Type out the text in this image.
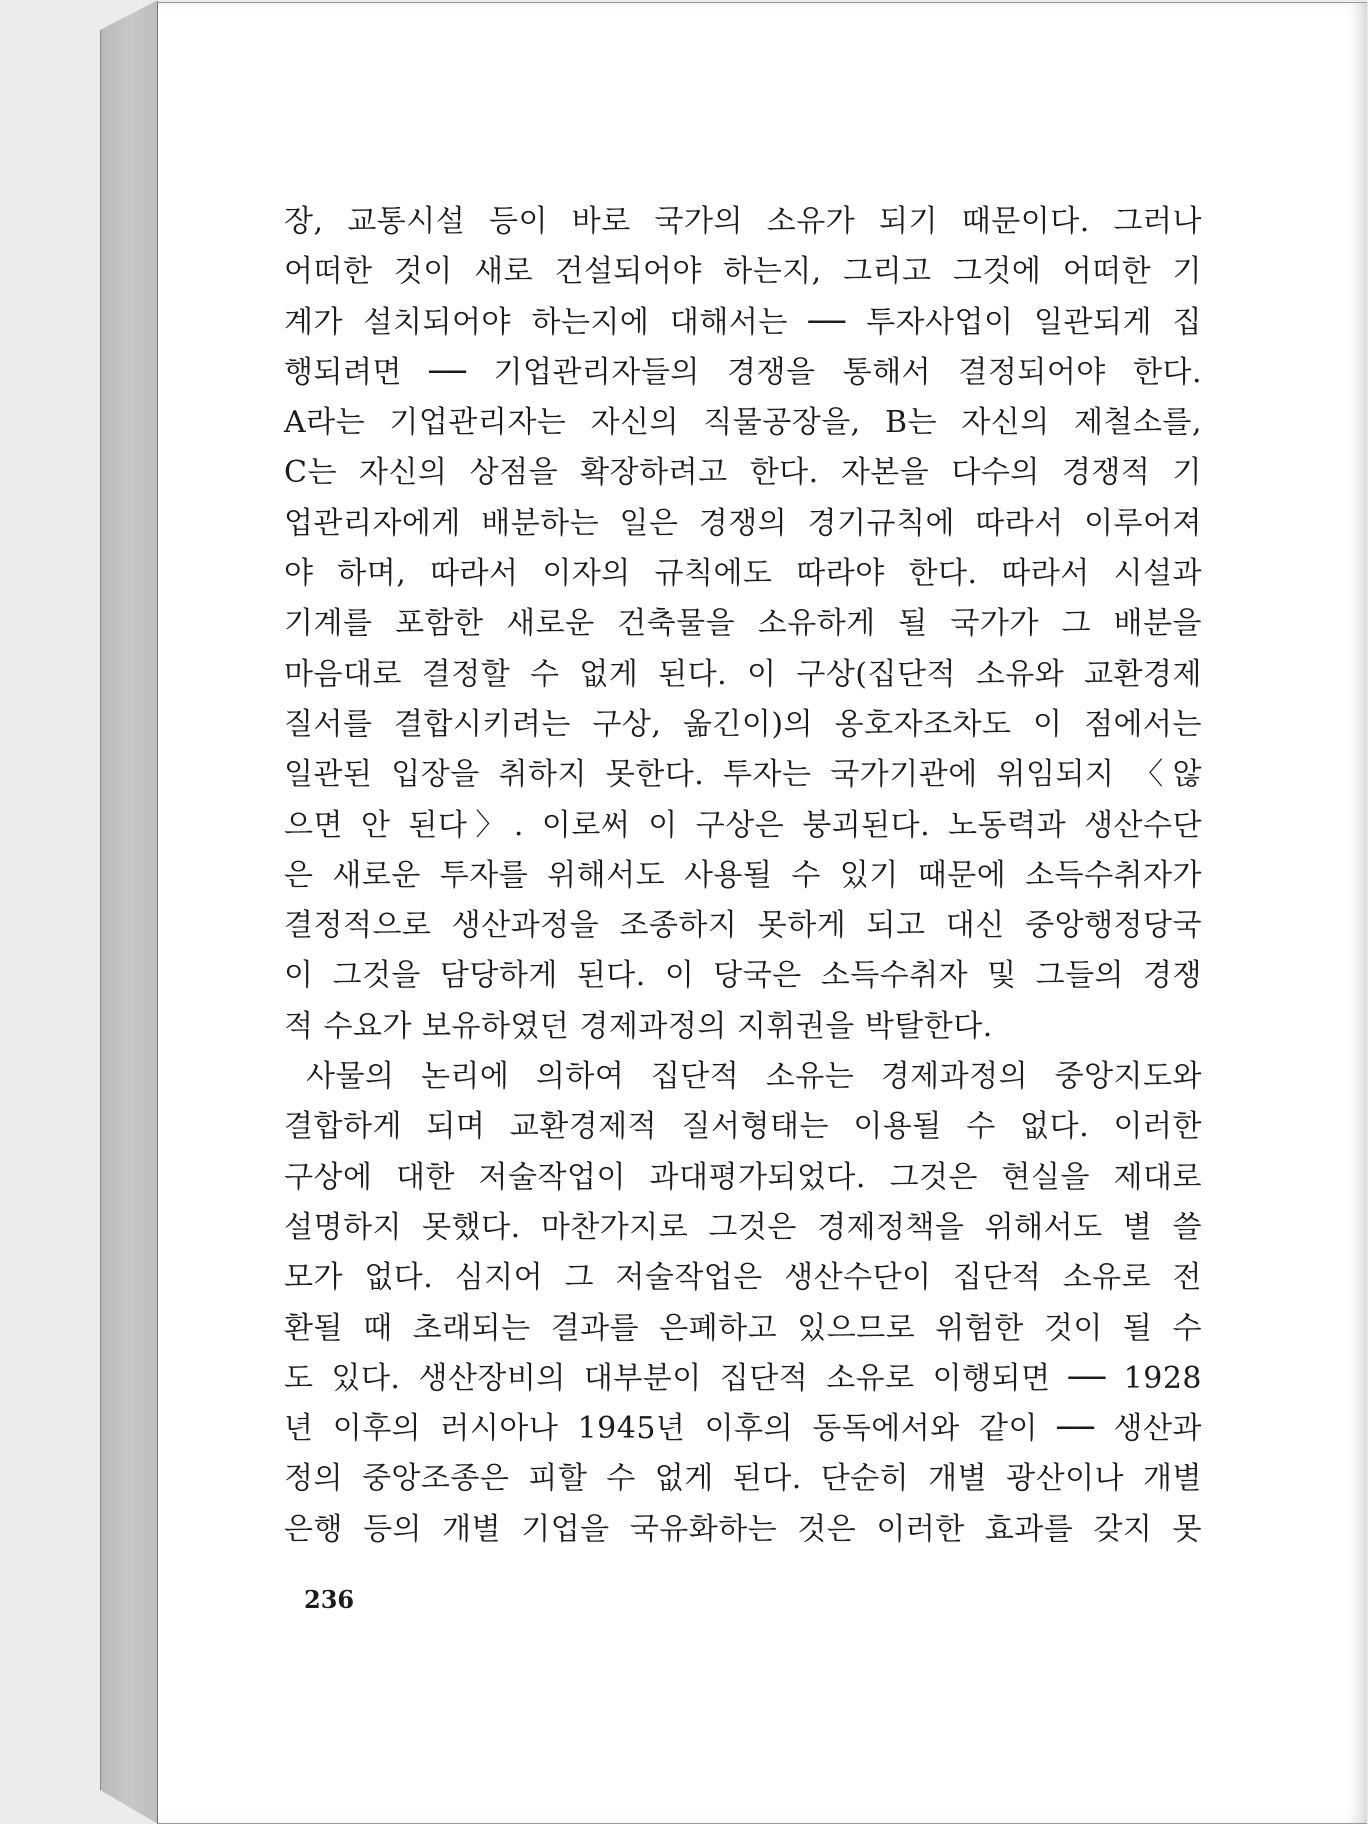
장, 교통시설 등이 바로 국가의 소유가 되기 때문이다. 그러나
어떠한 것이 새로 건설되어야 하는지, 그리고 그것에 어떠한 기
계가 설치되어야 하는지에 대해서는 ── 투자사업이 일관되게 집
행되려면 ── 기업관리자들의 경쟁을 통해서 결정되어야 한다.
A라는 기업관리자는 자신의 직물공장을, B는 자신의 제철소를,
C는 자신의 상점을 확장하려고 한다. 자본을 다수의 경쟁적 기
업관리자에게 배분하는 일은 경쟁의 경기규칙에 따라서 이루어져
야 하며, 따라서 이자의 규칙에도 따라야 한다. 따라서 시설과
기계를 포함한 새로운 건축물을 소유하게 될 국가가 그 배분을
마음대로 결정할 수 없게 된다. 이 구상(집단적 소유와 교환경제
질서를 결합시키려는 구상, 옮긴이)의 옹호자조차도 이 점에서는
일관된 입장을 취하지 못한다. 투자는 국가기관에 위임되지 〈않
으면 안 된다〉. 이로써 이 구상은 붕괴된다. 노동력과 생산수단
은 새로운 투자를 위해서도 사용될 수 있기 때문에 소득수취자가
결정적으로 생산과정을 조종하지 못하게 되고 대신 중앙행정당국
이 그것을 담당하게 된다. 이 당국은 소득수취자 및 그들의 경쟁
적 수요가 보유하였던 경제과정의 지휘권을 박탈한다.
사물의 논리에 의하여 집단적 소유는 경제과정의 중앙지도와
결합하게 되며 교환경제적 질서형태는 이용될 수 없다. 이러한
구상에 대한 저술작업이 과대평가되었다. 그것은 현실을 제대로
설명하지 못했다. 마찬가지로 그것은 경제정책을 위해서도 별 쓸
모가 없다. 심지어 그 저술작업은 생산수단이 집단적 소유로 전
환될 때 초래되는 결과를 은폐하고 있으므로 위험한 것이 될 수
도 있다. 생산장비의 대부분이 집단적 소유로 이행되면 ── 1928
년 이후의 러시아나 1945년 이후의 동독에서와 같이 ── 생산과
정의 중앙조종은 피할 수 없게 된다. 단순히 개별 광산이나 개별
은행 등의 개별 기업을 국유화하는 것은 이러한 효과를 갖지 못
236
